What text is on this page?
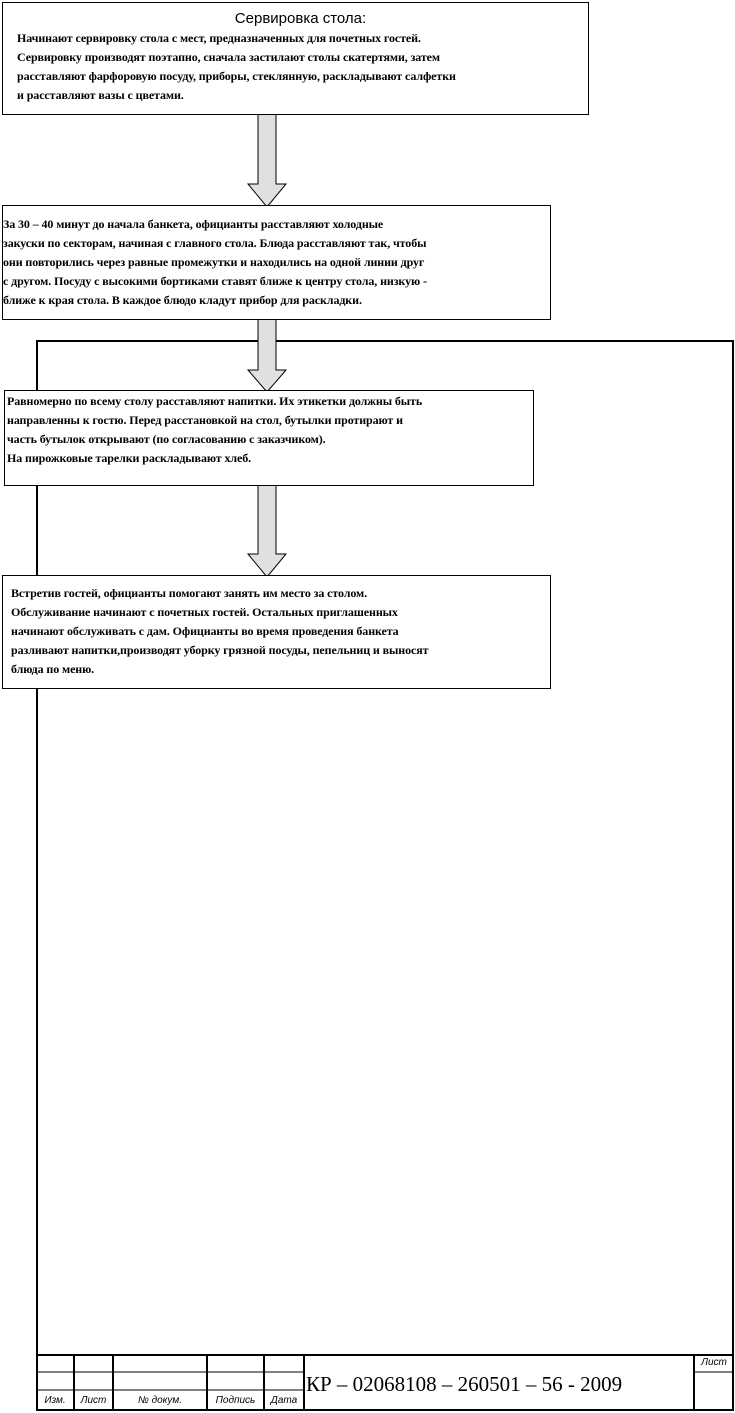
Сервировка стола:
Начинают сервировку стола с мест, предназначенных для почетных гостей.
Сервировку производят поэтапно, сначала застилают столы скатертями, затем
расставляют фарфоровую посуду, приборы, стеклянную, раскладывают салфетки
и расставляют вазы с цветами.
За 30 – 40 минут до начала банкета, официанты расставляют холодные
закуски по секторам, начиная с главного стола. Блюда расставляют так, чтобы
они повторились через равные промежутки и находились на одной линии друг
с другом. Посуду с высокими бортиками ставят ближе к центру стола, низкую -
ближе к края стола. В каждое блюдо кладут прибор для раскладки.
Равномерно по всему столу расставляют напитки. Их этикетки должны быть
направленны к гостю. Перед расстановкой на стол, бутылки протирают и
часть бутылок открывают (по согласованию с заказчиком).
На пирожковые тарелки раскладывают хлеб.
Встретив гостей, официанты помогают занять им место за столом.
Обслуживание начинают с почетных гостей. Остальных приглашенных
начинают обслуживать с дам. Официанты во время проведения банкета
разливают напитки,производят уборку грязной посуды, пепельниц и выносят
блюда по меню.
Изм.	Лист	№ докум.	Подпись	Дата
Лист
КР – 02068108 – 260501 – 56 - 2009
